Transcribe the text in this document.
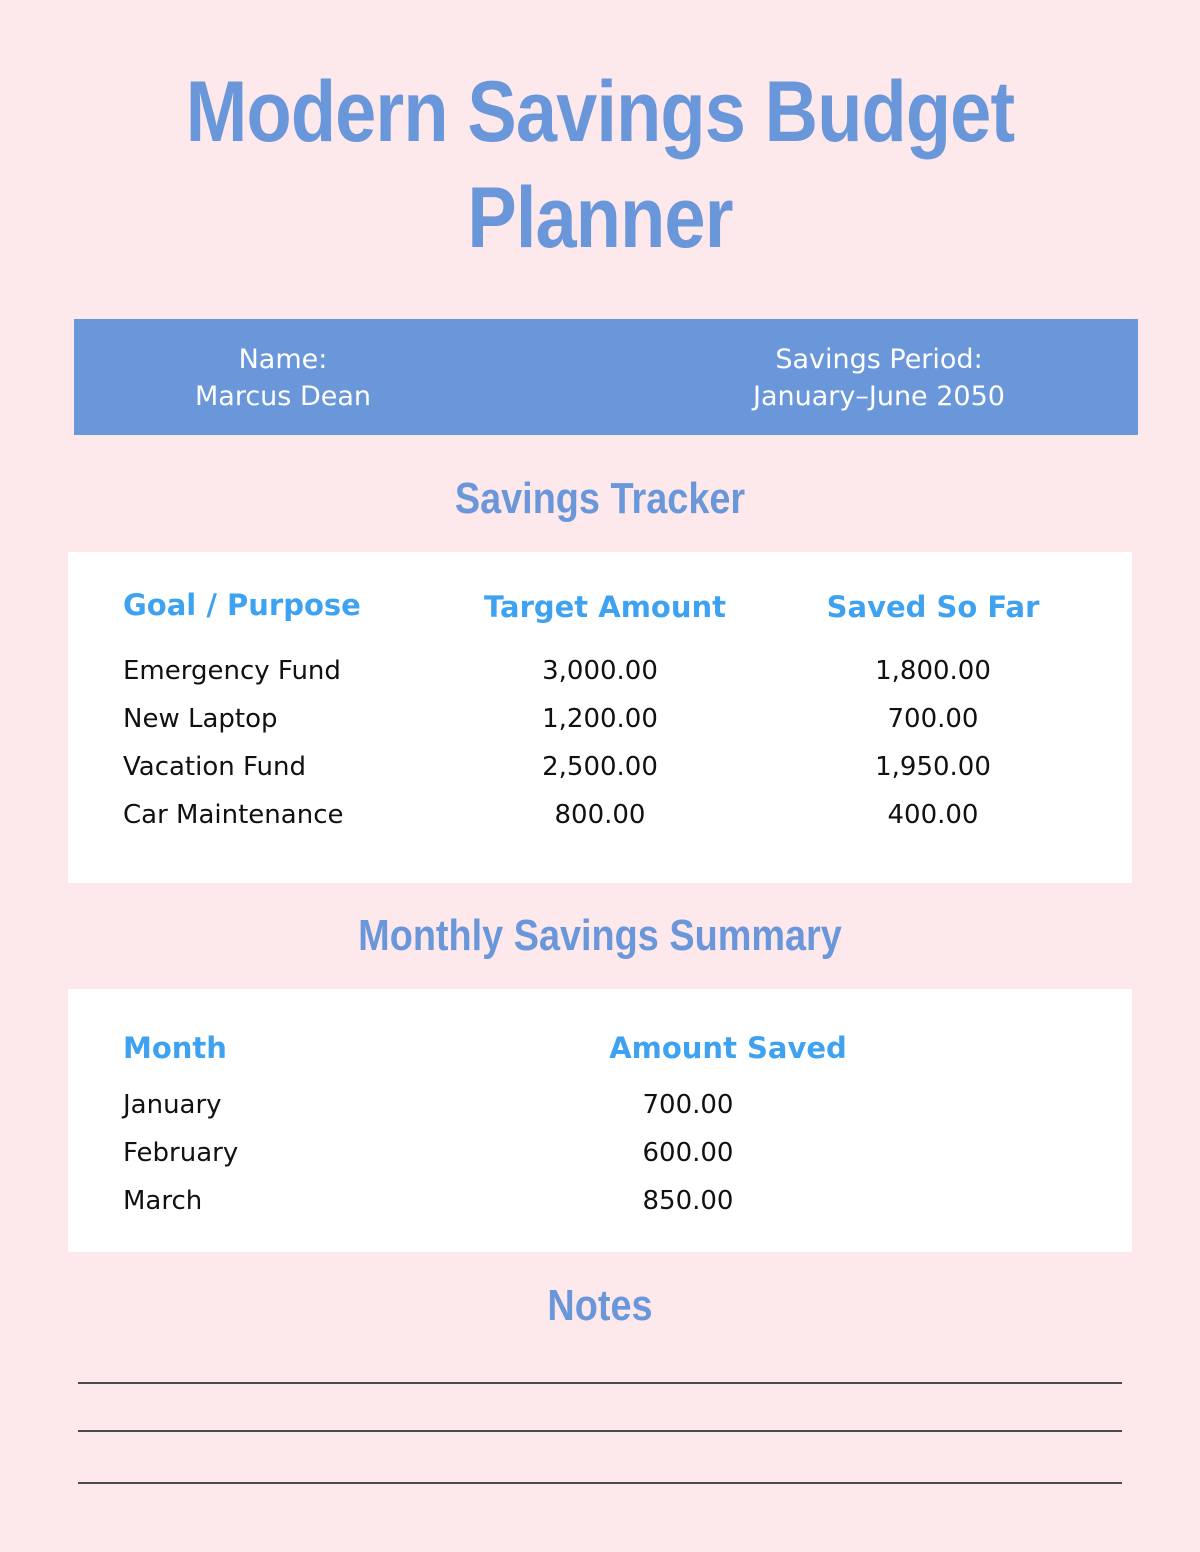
Modern Savings Budget
Planner
Name:
Marcus Dean
Savings Period:
January–June 2050
Savings Tracker
Goal / Purpose	Target Amount	Saved So Far
Emergency Fund	3,000.00	1,800.00
New Laptop	1,200.00	700.00
Vacation Fund	2,500.00	1,950.00
Car Maintenance	800.00	400.00
Monthly Savings Summary
Month	Amount Saved
January	700.00
February	600.00
March	850.00
Notes
